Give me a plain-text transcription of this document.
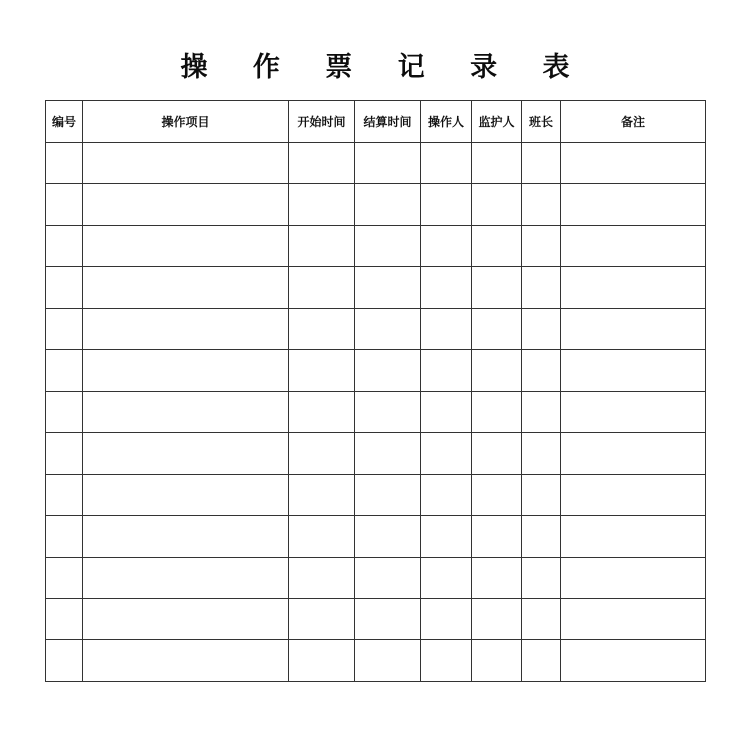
操 作 票 记 录 表
编号	操作项目	开始时间	结算时间	操作人	监护人	班长	备注
